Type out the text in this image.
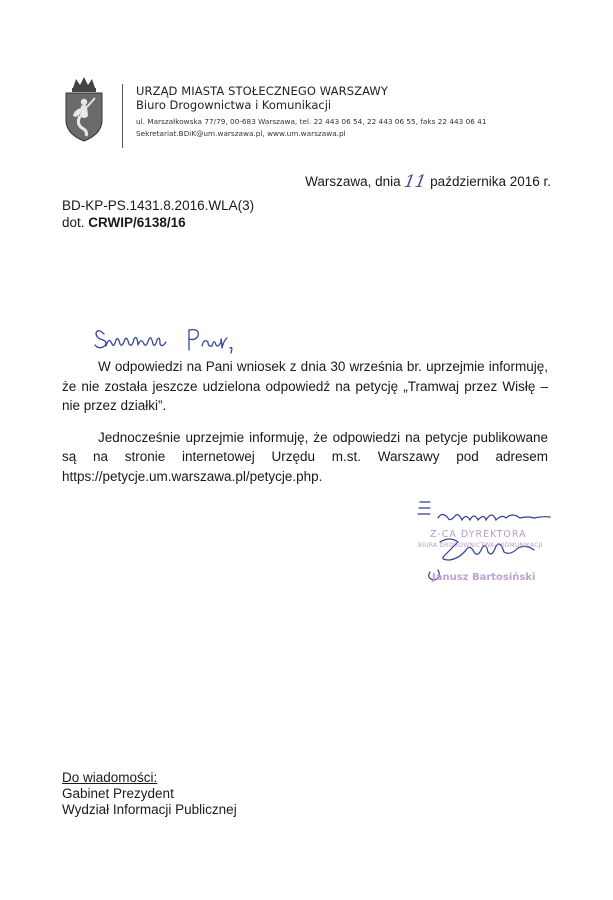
URZĄD MIASTA STOŁECZNEGO WARSZAWY
Biuro Drogownictwa i Komunikacji
ul. Marszałkowska 77/79, 00-683 Warszawa, tel. 22 443 06 54, 22 443 06 55, faks 22 443 06 41
Sekretariat.BDiK@um.warszawa.pl, www.um.warszawa.pl
Warszawa, dnia 11 października 2016 r.
BD-KP-PS.1431.8.2016.WLA(3)
dot. CRWIP/6138/16

W odpowiedzi na Pani wniosek z dnia 30 września br. uprzejmie informuję, że nie została jeszcze udzielona odpowiedź na petycję „Tramwaj przez Wisłę – nie przez działki”.

Jednocześnie uprzejmie informuję, że odpowiedzi na petycje publikowane są na stronie internetowej Urzędu m.st. Warszawy pod adresem https://petycje.um.warszawa.pl/petycje.php.

Z-CA DYREKTORA
BIURA DROGOWNICTWA I KOMUNIKACJI
Janusz Bartosiński
Do wiadomości:
Gabinet Prezydent
Wydział Informacji Publicznej
